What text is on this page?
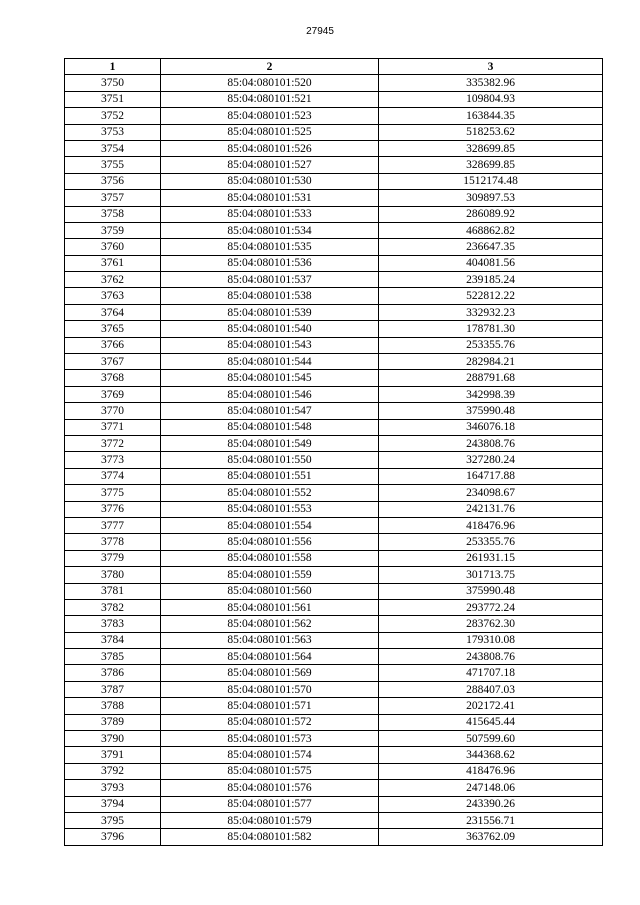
27945
1	2	3
3750	85:04:080101:520	335382.96
3751	85:04:080101:521	109804.93
3752	85:04:080101:523	163844.35
3753	85:04:080101:525	518253.62
3754	85:04:080101:526	328699.85
3755	85:04:080101:527	328699.85
3756	85:04:080101:530	1512174.48
3757	85:04:080101:531	309897.53
3758	85:04:080101:533	286089.92
3759	85:04:080101:534	468862.82
3760	85:04:080101:535	236647.35
3761	85:04:080101:536	404081.56
3762	85:04:080101:537	239185.24
3763	85:04:080101:538	522812.22
3764	85:04:080101:539	332932.23
3765	85:04:080101:540	178781.30
3766	85:04:080101:543	253355.76
3767	85:04:080101:544	282984.21
3768	85:04:080101:545	288791.68
3769	85:04:080101:546	342998.39
3770	85:04:080101:547	375990.48
3771	85:04:080101:548	346076.18
3772	85:04:080101:549	243808.76
3773	85:04:080101:550	327280.24
3774	85:04:080101:551	164717.88
3775	85:04:080101:552	234098.67
3776	85:04:080101:553	242131.76
3777	85:04:080101:554	418476.96
3778	85:04:080101:556	253355.76
3779	85:04:080101:558	261931.15
3780	85:04:080101:559	301713.75
3781	85:04:080101:560	375990.48
3782	85:04:080101:561	293772.24
3783	85:04:080101:562	283762.30
3784	85:04:080101:563	179310.08
3785	85:04:080101:564	243808.76
3786	85:04:080101:569	471707.18
3787	85:04:080101:570	288407.03
3788	85:04:080101:571	202172.41
3789	85:04:080101:572	415645.44
3790	85:04:080101:573	507599.60
3791	85:04:080101:574	344368.62
3792	85:04:080101:575	418476.96
3793	85:04:080101:576	247148.06
3794	85:04:080101:577	243390.26
3795	85:04:080101:579	231556.71
3796	85:04:080101:582	363762.09
